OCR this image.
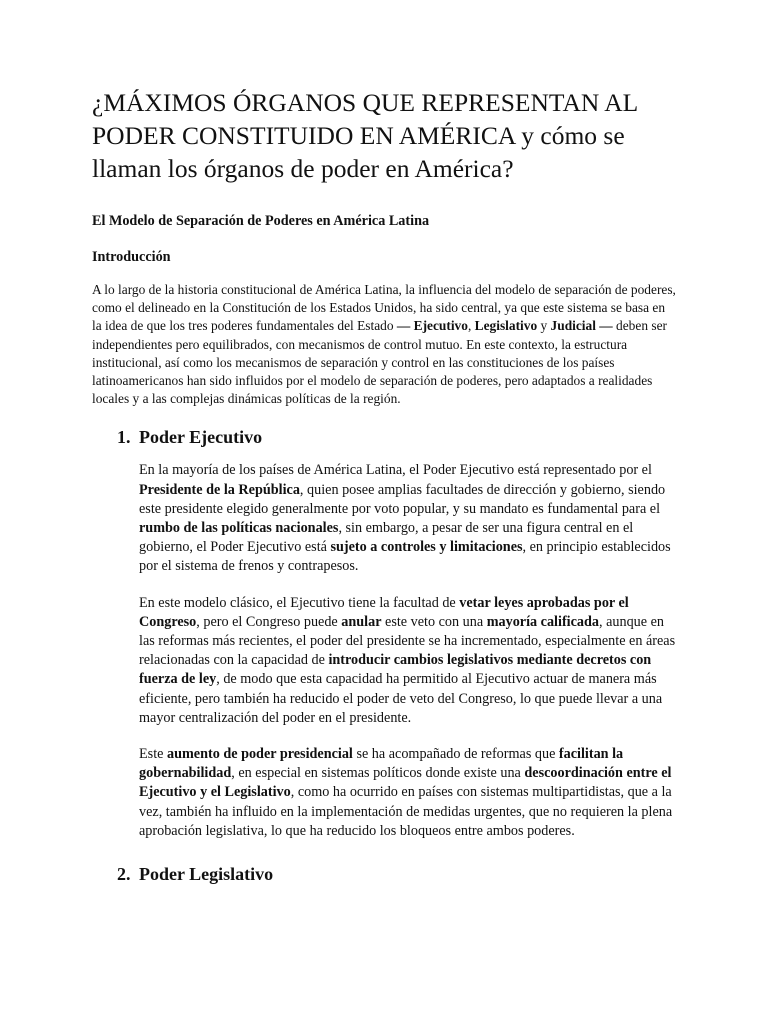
¿MÁXIMOS ÓRGANOS QUE REPRESENTAN AL PODER CONSTITUIDO EN AMÉRICA y cómo se llaman los órganos de poder en América?
El Modelo de Separación de Poderes en América Latina
Introducción

A lo largo de la historia constitucional de América Latina, la influencia del modelo de separación de poderes, como el delineado en la Constitución de los Estados Unidos, ha sido central, ya que este sistema se basa en la idea de que los tres poderes fundamentales del Estado — Ejecutivo, Legislativo y Judicial — deben ser independientes pero equilibrados, con mecanismos de control mutuo. En este contexto, la estructura institucional, así como los mecanismos de separación y control en las constituciones de los países latinoamericanos han sido influidos por el modelo de separación de poderes, pero adaptados a realidades locales y a las complejas dinámicas políticas de la región.

1. Poder Ejecutivo

En la mayoría de los países de América Latina, el Poder Ejecutivo está representado por el Presidente de la República, quien posee amplias facultades de dirección y gobierno, siendo este presidente elegido generalmente por voto popular, y su mandato es fundamental para el rumbo de las políticas nacionales, sin embargo, a pesar de ser una figura central en el gobierno, el Poder Ejecutivo está sujeto a controles y limitaciones, en principio establecidos por el sistema de frenos y contrapesos.

En este modelo clásico, el Ejecutivo tiene la facultad de vetar leyes aprobadas por el Congreso, pero el Congreso puede anular este veto con una mayoría calificada, aunque en las reformas más recientes, el poder del presidente se ha incrementado, especialmente en áreas relacionadas con la capacidad de introducir cambios legislativos mediante decretos con fuerza de ley, de modo que esta capacidad ha permitido al Ejecutivo actuar de manera más eficiente, pero también ha reducido el poder de veto del Congreso, lo que puede llevar a una mayor centralización del poder en el presidente.

Este aumento de poder presidencial se ha acompañado de reformas que facilitan la gobernabilidad, en especial en sistemas políticos donde existe una descoordinación entre el Ejecutivo y el Legislativo, como ha ocurrido en países con sistemas multipartidistas, que a la vez, también ha influido en la implementación de medidas urgentes, que no requieren la plena aprobación legislativa, lo que ha reducido los bloqueos entre ambos poderes.

2. Poder Legislativo
